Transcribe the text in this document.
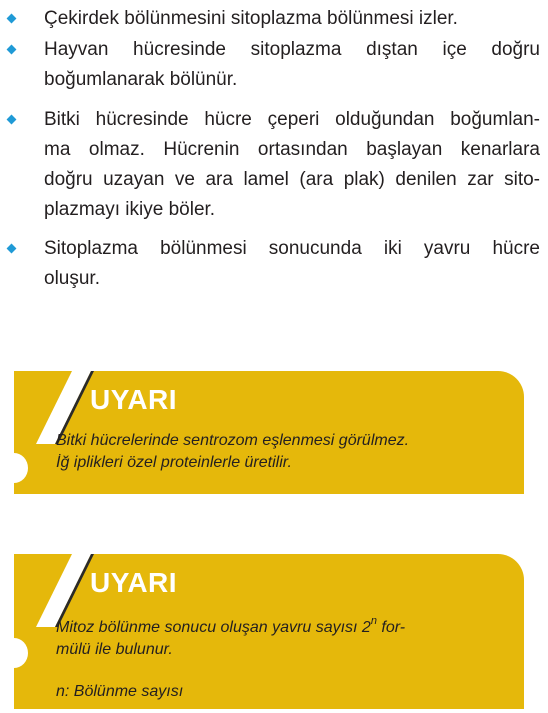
Çekirdek bölünmesini sitoplazma bölünmesi izler.
Hayvan hücresinde sitoplazma dıştan içe doğru
boğumlanarak bölünür.
Bitki hücresinde hücre çeperi olduğundan boğumlan-
ma olmaz. Hücrenin ortasından başlayan kenarlara
doğru uzayan ve ara lamel (ara plak) denilen zar sito-
plazmayı ikiye böler.
Sitoplazma bölünmesi sonucunda iki yavru hücre
oluşur.
UYARI
Bitki hücrelerinde sentrozom eşlenmesi görülmez.
İğ iplikleri özel proteinlerle üretilir.
UYARI
Mitoz bölünme sonucu oluşan yavru sayısı 2$^n$ for-
mülü ile bulunur.
n: Bölünme sayısı
